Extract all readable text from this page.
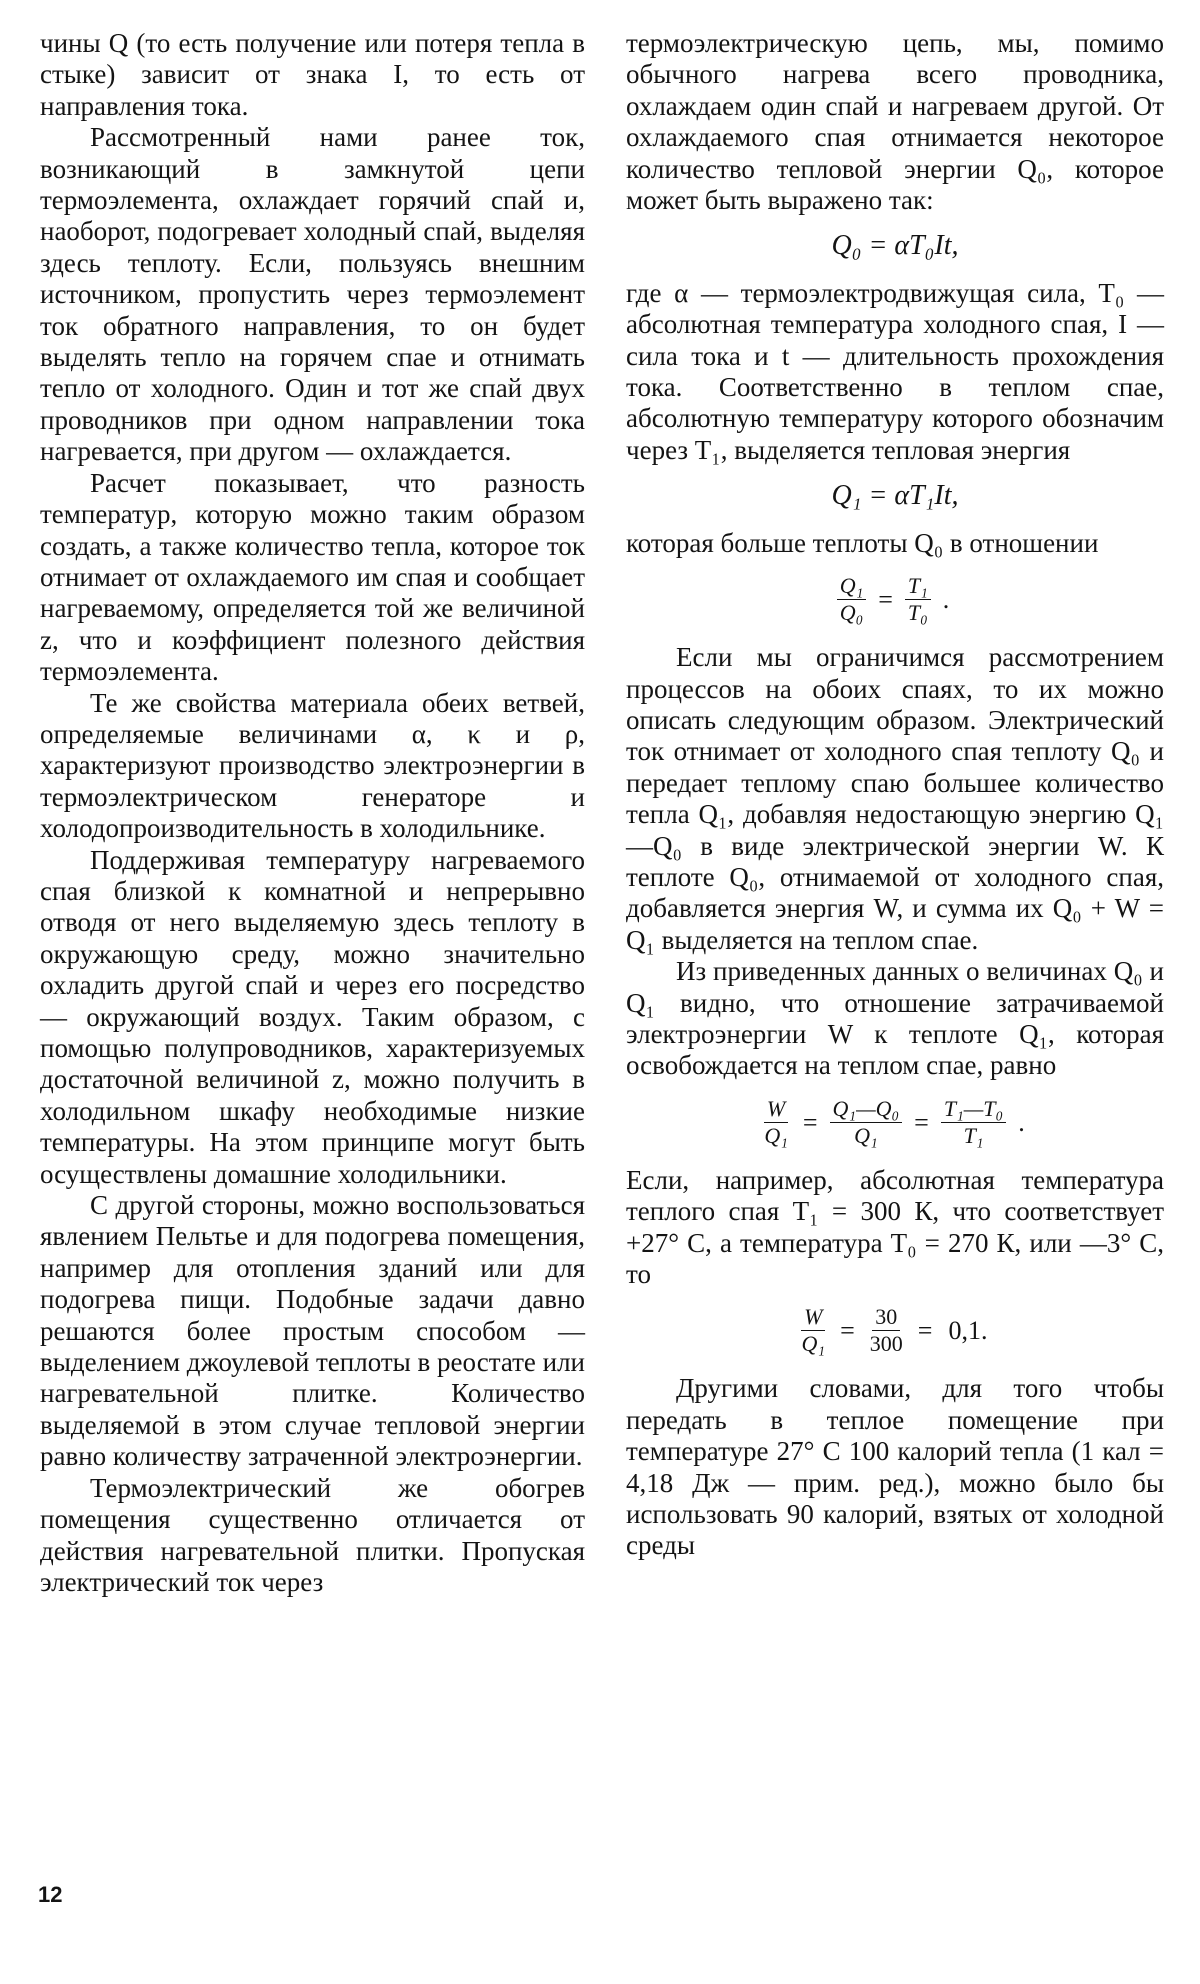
чины Q (то есть получение или потеря тепла в стыке) зависит от знака I, то есть от направления тока.

Рассмотренный нами ранее ток, возникающий в замкнутой цепи термоэлемента, охлаждает горячий спай и, наоборот, подогревает холодный спай, выделяя здесь теплоту. Если, пользуясь внешним источником, пропустить через термоэлемент ток обратного направления, то он будет выделять тепло на горячем спае и отнимать тепло от холодного. Один и тот же спай двух проводников при одном направлении тока нагревается, при другом — охлаждается.

Расчет показывает, что разность температур, которую можно таким образом создать, а также количество тепла, которое ток отнимает от охлаждаемого им спая и сообщает нагреваемому, определяется той же величиной z, что и коэффициент полезного действия термоэлемента.

Те же свойства материала обеих ветвей, определяемые величинами α, κ и ρ, характеризуют производство электроэнергии в термоэлектрическом генераторе и холодопроизводительность в холодильнике.

Поддерживая температуру нагреваемого спая близкой к комнатной и непрерывно отводя от него выделяемую здесь теплоту в окружающую среду, можно значительно охладить другой спай и через его посредство — окружающий воздух. Таким образом, с помощью полупроводников, характеризуемых достаточной величиной z, можно получить в холодильном шкафу необходимые низкие температуры. На этом принципе могут быть осуществлены домашние холодильники.

С другой стороны, можно воспользоваться явлением Пельтье и для подогрева помещения, например для отопления зданий или для подогрева пищи. Подобные задачи давно решаются более простым способом — выделением джоулевой теплоты в реостате или нагревательной плитке. Количество выделяемой в этом случае тепловой энергии равно количеству затраченной электроэнергии.

Термоэлектрический же обогрев помещения существенно отличается от действия нагревательной плитки. Пропуская электрический ток через

термоэлектрическую цепь, мы, помимо обычного нагрева всего проводника, охлаждаем один спай и нагреваем другой. От охлаждаемого спая отнимается некоторое количество тепловой энергии Q₀, которое может быть выражено так:

Q₀ = αT₀It,

где α — термоэлектродвижущая сила, T₀ — абсолютная температура холодного спая, I — сила тока и t — длительность прохождения тока. Соответственно в теплом спае, абсолютную температуру которого обозначим через T₁, выделяется тепловая энергия

Q₁ = αT₁It,

которая больше теплоты Q₀ в отношении

$\frac{\text{Q₁}}{\text{Q₀}} = \frac{\text{T₁}}{\text{T₀}}$ .

Если мы ограничимся рассмотрением процессов на обоих спаях, то их можно описать следующим образом. Электрический ток отнимает от холодного спая теплоту Q₀ и передает теплому спаю большее количество тепла Q₁, добавляя недостающую энергию Q₁—Q₀ в виде электрической энергии W. К теплоте Q₀, отнимаемой от холодного спая, добавляется энергия W, и сумма их Q₀ + W = Q₁ выделяется на теплом спае.

Из приведенных данных о величинах Q₀ и Q₁ видно, что отношение затрачиваемой электроэнергии W к теплоте Q₁, которая освобождается на теплом спае, равно

$\frac{W}{\text{Q₁}} = \frac{\text{Q₁—Q₀}}{\text{Q₁}} = \frac{\text{T₁—T₀}}{\text{T₁}}$ .

Если, например, абсолютная температура теплого спая T₁ = 300 К, что соответствует +27° С, а температура T₀ = 270 К, или —3° С, то

$\frac{W}{\text{Q₁}} = \frac{30}{300} = 0,1$.

Другими словами, для того чтобы передать в теплое помещение при температуре 27° С 100 калорий тепла (1 кал = 4,18 Дж — прим. ред.), можно было бы использовать 90 калорий, взятых от холодной среды

12
